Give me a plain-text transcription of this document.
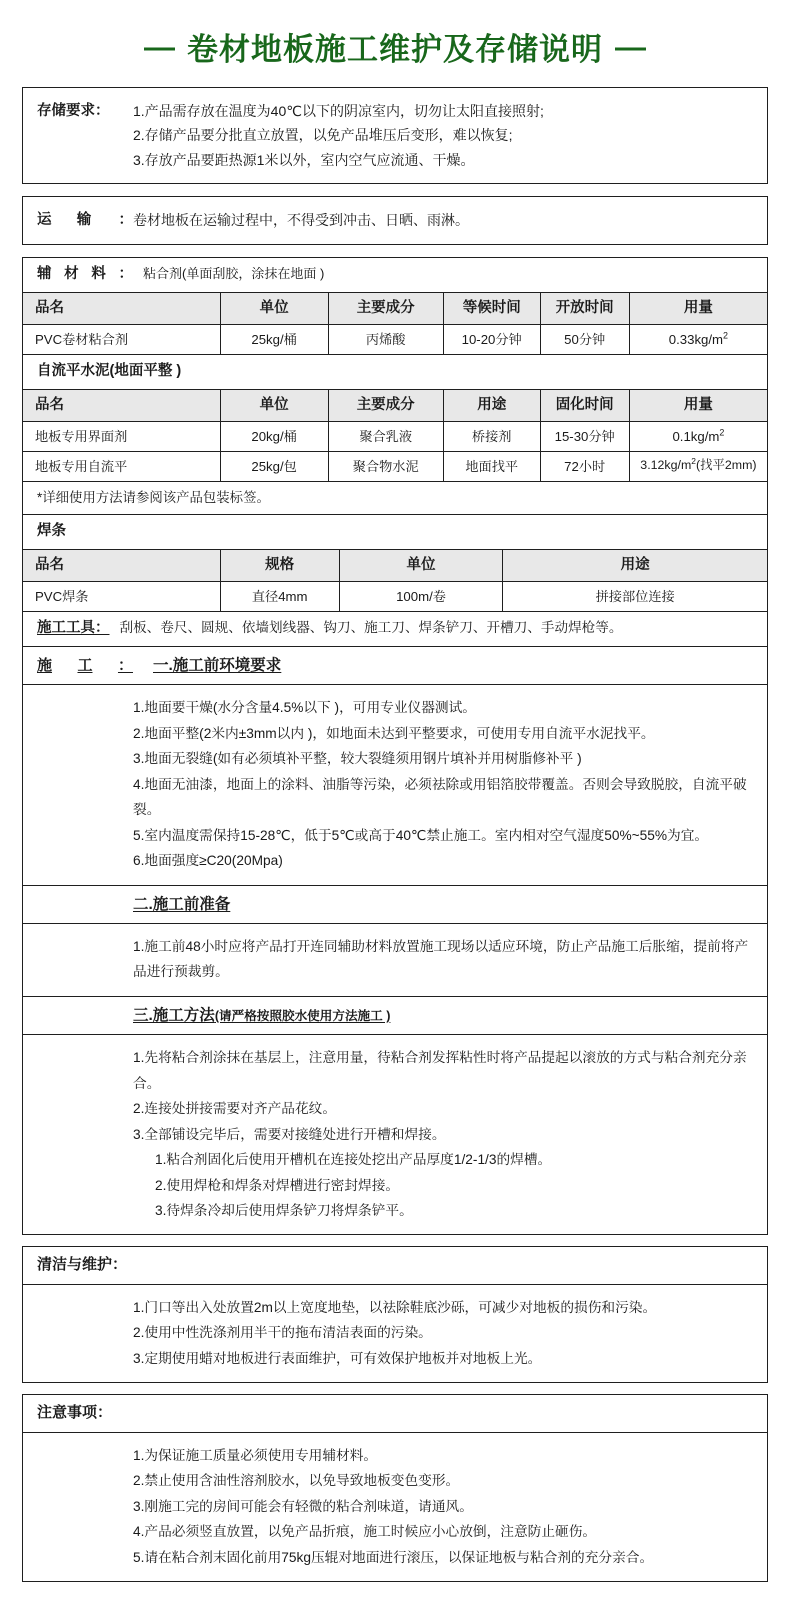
— 卷材地板施工维护及存储说明 —
存储要求：	1.产品需存放在温度为40℃以下的阴凉室内，切勿让太阳直接照射;
2.存储产品要分批直立放置，以免产品堆压后变形，难以恢复;
3.存放产品要距热源1米以外，室内空气应流通、干燥。
运 输 ： 卷材地板在运输过程中，不得受到冲击、日晒、雨淋。
辅 材 料 ： 粘合剂(单面刮胶，涂抹在地面 )
品名	单位	主要成分	等候时间	开放时间	用量
PVC卷材粘合剂	25kg/桶	丙烯酸	10-20分钟	50分钟	$0.33kg/m^2$
自流平水泥(地面平整 )
品名	单位	主要成分	用途	固化时间	用量
地板专用界面剂	20kg/桶	聚合乳液	桥接剂	15-30分钟	$0.1kg/m^2$
地板专用自流平	25kg/包	聚合物水泥	地面找平	72小时	$3.12kg/m^2$(找平2mm)
*详细使用方法请参阅该产品包装标签。
焊条
品名	规格	单位	用途
PVC焊条	直径4mm	100m/卷	拼接部位连接
施工工具： 刮板、卷尺、圆规、依墙划线器、钩刀、施工刀、焊条铲刀、开槽刀、手动焊枪等。
施 工 ： 一.施工前环境要求
1.地面要干燥(水分含量4.5%以下 )，可用专业仪器测试。
2.地面平整(2米内±3mm以内 )，如地面未达到平整要求，可使用专用自流平水泥找平。
3.地面无裂缝(如有必须填补平整，较大裂缝须用钢片填补并用树脂修补平 )
4.地面无油漆，地面上的涂料、油脂等污染，必须祛除或用铝箔胶带覆盖。否则会导致脱胶，自流平破裂。
5.室内温度需保持15-28℃，低于5℃或高于40℃禁止施工。室内相对空气湿度50%~55%为宜。
6.地面强度≥C20(20Mpa)
二.施工前准备
1.施工前48小时应将产品打开连同辅助材料放置施工现场以适应环境，防止产品施工后胀缩，提前将产品进行预裁剪。
三.施工方法(请严格按照胶水使用方法施工 )
1.先将粘合剂涂抹在基层上，注意用量，待粘合剂发挥粘性时将产品提起以滚放的方式与粘合剂充分亲合。
2.连接处拼接需要对齐产品花纹。
3.全部铺设完毕后，需要对接缝处进行开槽和焊接。
1.粘合剂固化后使用开槽机在连接处挖出产品厚度1/2-1/3的焊槽。
2.使用焊枪和焊条对焊槽进行密封焊接。
3.待焊条冷却后使用焊条铲刀将焊条铲平。
清洁与维护：
1.门口等出入处放置2m以上宽度地垫，以祛除鞋底沙砾，可减少对地板的损伤和污染。
2.使用中性洗涤剂用半干的拖布清洁表面的污染。
3.定期使用蜡对地板进行表面维护，可有效保护地板并对地板上光。
注意事项：
1.为保证施工质量必须使用专用辅材料。
2.禁止使用含油性溶剂胶水，以免导致地板变色变形。
3.刚施工完的房间可能会有轻微的粘合剂味道，请通风。
4.产品必须竖直放置，以免产品折痕，施工时候应小心放倒，注意防止砸伤。
5.请在粘合剂末固化前用75kg压辊对地面进行滚压，以保证地板与粘合剂的充分亲合。
